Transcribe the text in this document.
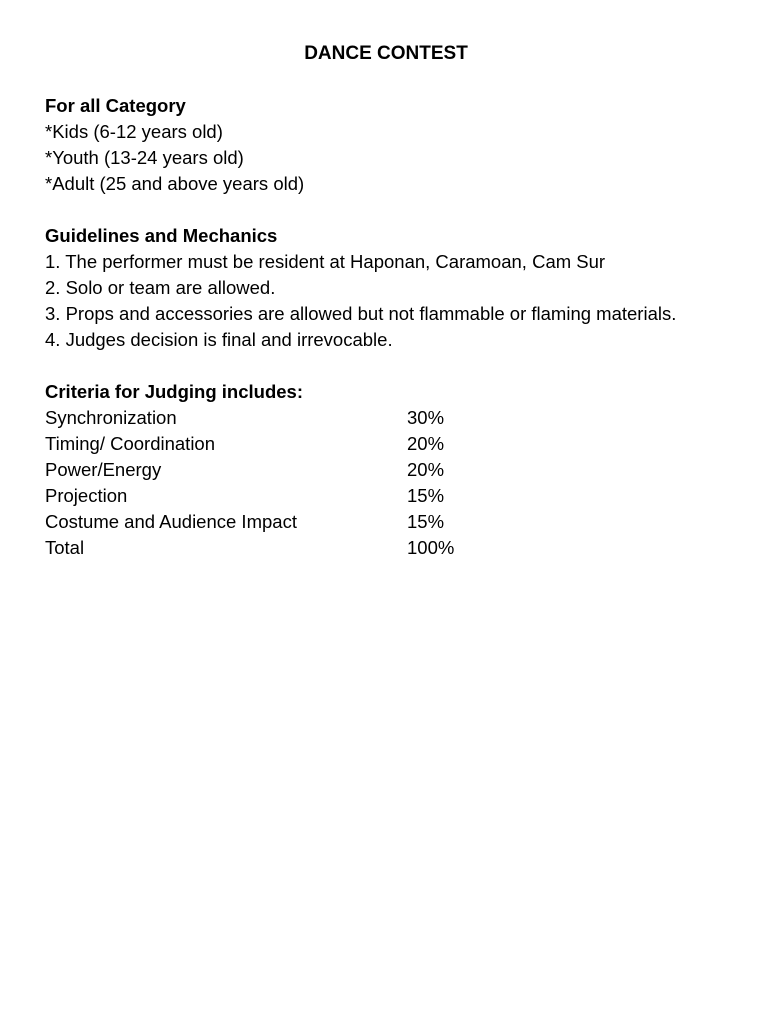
DANCE CONTEST
For all Category
*Kids (6-12 years old)
*Youth (13-24 years old)
*Adult (25 and above years old)
Guidelines and Mechanics
1. The performer must be resident at Haponan, Caramoan, Cam Sur
2. Solo or team are allowed.
3. Props and accessories are allowed but not flammable or flaming materials.
4. Judges decision is final and irrevocable.
Criteria for Judging includes:
Synchronization	30%
Timing/ Coordination	20%
Power/Energy	20%
Projection	15%
Costume and Audience Impact	15%
Total	100%
